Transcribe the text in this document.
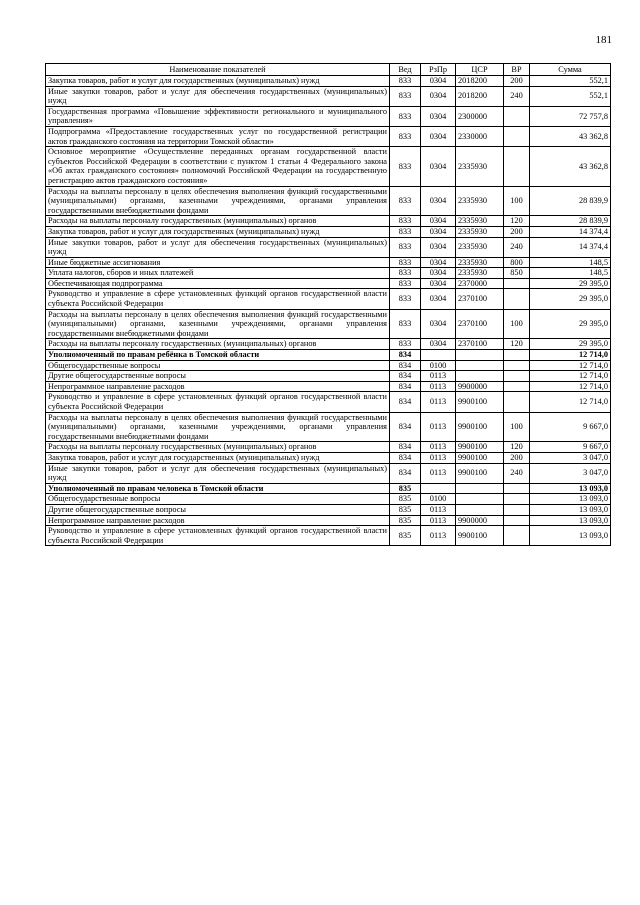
181
Наименование показателей	Вед	РзПр	ЦСР	ВР	Сумма
Закупка товаров, работ и услуг для государственных (муниципальных) нужд	833	0304	2018200	200	552,1
Иные закупки товаров, работ и услуг для обеспечения государственных (муниципальных) нужд	833	0304	2018200	240	552,1
Государственная программа «Повышение эффективности регионального и муниципального управления»	833	0304	2300000		72 757,8
Подпрограмма «Предоставление государственных услуг по государственной регистрации актов гражданского состояния на территории Томской области»	833	0304	2330000		43 362,8
Основное мероприятие «Осуществление переданных органам государственной власти субъектов Российской Федерации в соответствии с пунктом 1 статьи 4 Федерального закона «Об актах гражданского состояния» полномочий Российской Федерации на государственную регистрацию актов гражданского состояния»	833	0304	2335930		43 362,8
Расходы на выплаты персоналу в целях обеспечения выполнения функций государственными (муниципальными) органами, казенными учреждениями, органами управления государственными внебюджетными фондами	833	0304	2335930	100	28 839,9
Расходы на выплаты персоналу государственных (муниципальных) органов	833	0304	2335930	120	28 839,9
Закупка товаров, работ и услуг для государственных (муниципальных) нужд	833	0304	2335930	200	14 374,4
Иные закупки товаров, работ и услуг для обеспечения государственных (муниципальных) нужд	833	0304	2335930	240	14 374,4
Иные бюджетные ассигнования	833	0304	2335930	800	148,5
Уплата налогов, сборов и иных платежей	833	0304	2335930	850	148,5
Обеспечивающая подпрограмма	833	0304	2370000		29 395,0
Руководство и управление в сфере установленных функций органов государственной власти субъекта Российской Федерации	833	0304	2370100		29 395,0
Расходы на выплаты персоналу в целях обеспечения выполнения функций государственными (муниципальными) органами, казенными учреждениями, органами управления государственными внебюджетными фондами	833	0304	2370100	100	29 395,0
Расходы на выплаты персоналу государственных (муниципальных) органов	833	0304	2370100	120	29 395,0
Уполномоченный по правам ребёнка в Томской области	834				12 714,0
Общегосударственные вопросы	834	0100			12 714,0
Другие общегосударственные вопросы	834	0113			12 714,0
Непрограммное направление расходов	834	0113	9900000		12 714,0
Руководство и управление в сфере установленных функций органов государственной власти субъекта Российской Федерации	834	0113	9900100		12 714,0
Расходы на выплаты персоналу в целях обеспечения выполнения функций государственными (муниципальными) органами, казенными учреждениями, органами управления государственными внебюджетными фондами	834	0113	9900100	100	9 667,0
Расходы на выплаты персоналу государственных (муниципальных) органов	834	0113	9900100	120	9 667,0
Закупка товаров, работ и услуг для государственных (муниципальных) нужд	834	0113	9900100	200	3 047,0
Иные закупки товаров, работ и услуг для обеспечения государственных (муниципальных) нужд	834	0113	9900100	240	3 047,0
Уполномоченный по правам человека в Томской области	835				13 093,0
Общегосударственные вопросы	835	0100			13 093,0
Другие общегосударственные вопросы	835	0113			13 093,0
Непрограммное направление расходов	835	0113	9900000		13 093,0
Руководство и управление в сфере установленных функций органов государственной власти субъекта Российской Федерации	835	0113	9900100		13 093,0
